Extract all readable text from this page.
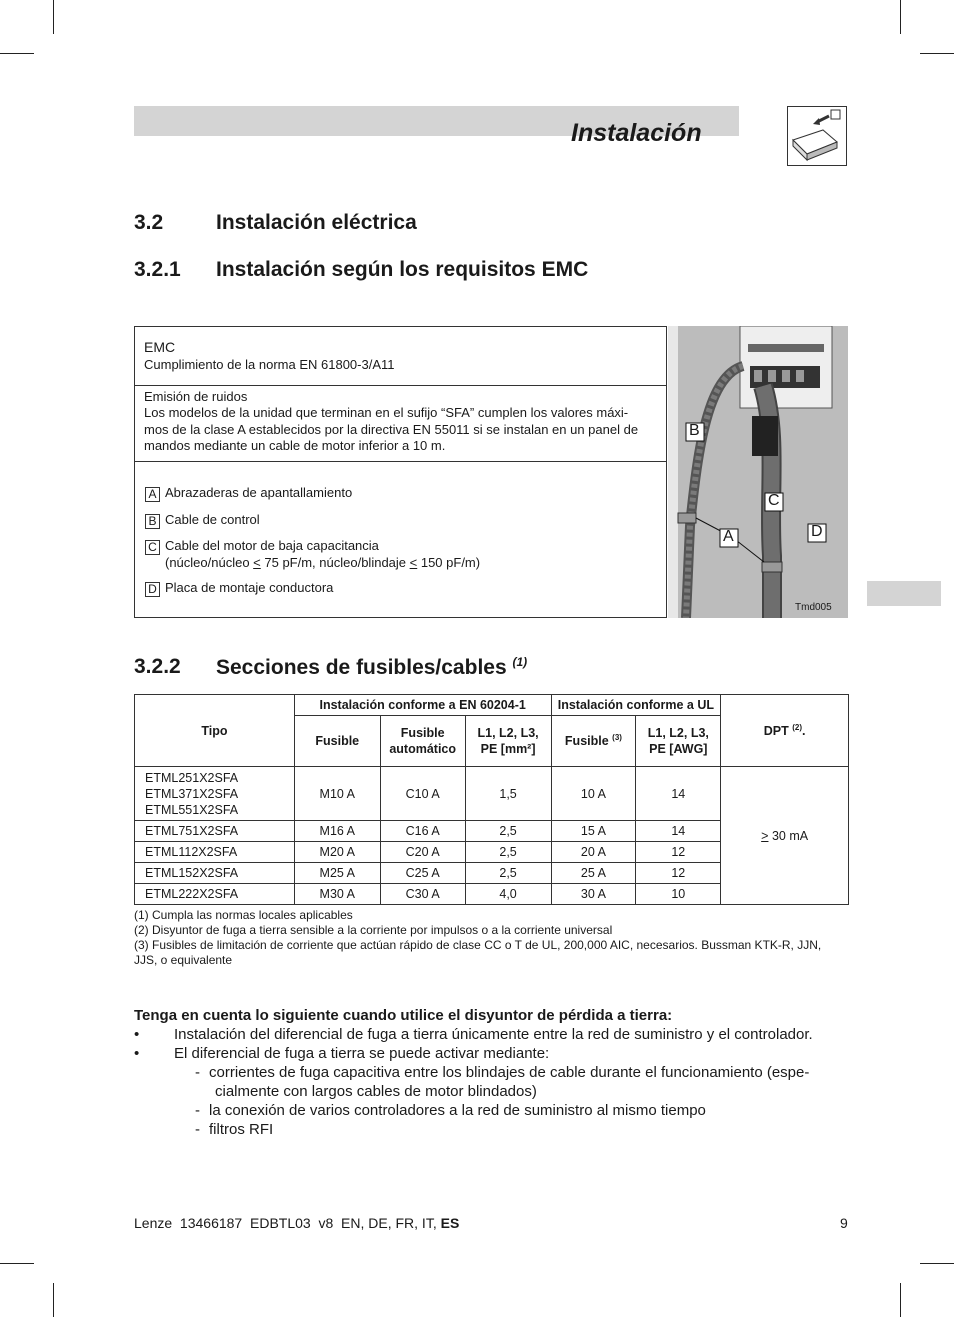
Instalación
3.2	Instalación eléctrica
3.2.1 Instalación según los requisitos EMC
EMC
Cumplimiento de la norma EN 61800-3/A11
Emisión de ruidos
Los modelos de la unidad que terminan en el sufijo “SFA” cumplen los valores máxi-
mos de la clase A establecidos por la directiva EN 55011 si se instalan en un panel de
mandos mediante un cable de motor inferior a 10 m.
A Abrazaderas de apantallamiento
B Cable de control
C Cable del motor de baja capacitancia
(núcleo/núcleo < 75 pF/m, núcleo/blindaje < 150 pF/m)
D Placa de montaje conductora
B
C
A	D
Tmd005
3.2.2 Secciones de fusibles/cables $^{(1)}$
Tipo	Instalación conforme a EN 60204-1			Instalación conforme a UL		DPT $^{(2)}$.
	Fusible	Fusible automático	L1, L2, L3, PE [mm²]	Fusible $^{(3)}$	L1, L2, L3, PE [AWG]	
ETML251X2SFA
ETML371X2SFA
ETML551X2SFA	M10 A	C10 A	1,5	10 A	14	> 30 mA
ETML751X2SFA	M16 A	C16 A	2,5	15 A	14	
ETML112X2SFA	M20 A	C20 A	2,5	20 A	12	
ETML152X2SFA	M25 A	C25 A	2,5	25 A	12	
ETML222X2SFA	M30 A	C30 A	4,0	30 A	10	
(1) Cumpla las normas locales aplicables
(2) Disyuntor de fuga a tierra sensible a la corriente por impulsos o a la corriente universal
(3) Fusibles de limitación de corriente que actúan rápido de clase CC o T de UL, 200,000 AIC, necesarios. Bussman KTK-R, JJN,
JJS, o equivalente
Tenga en cuenta lo siguiente cuando utilice el disyuntor de pérdida a tierra:
• Instalación del diferencial de fuga a tierra únicamente entre la red de suministro y el controlador.
• El diferencial de fuga a tierra se puede activar mediante:
- corrientes de fuga capacitiva entre los blindajes de cable durante el funcionamiento (espe-
cialmente con largos cables de motor blindados)
- la conexión de varios controladores a la red de suministro al mismo tiempo
- filtros RFI
Lenze  13466187  EDBTL03  v8  EN, DE, FR, IT, ES	9
